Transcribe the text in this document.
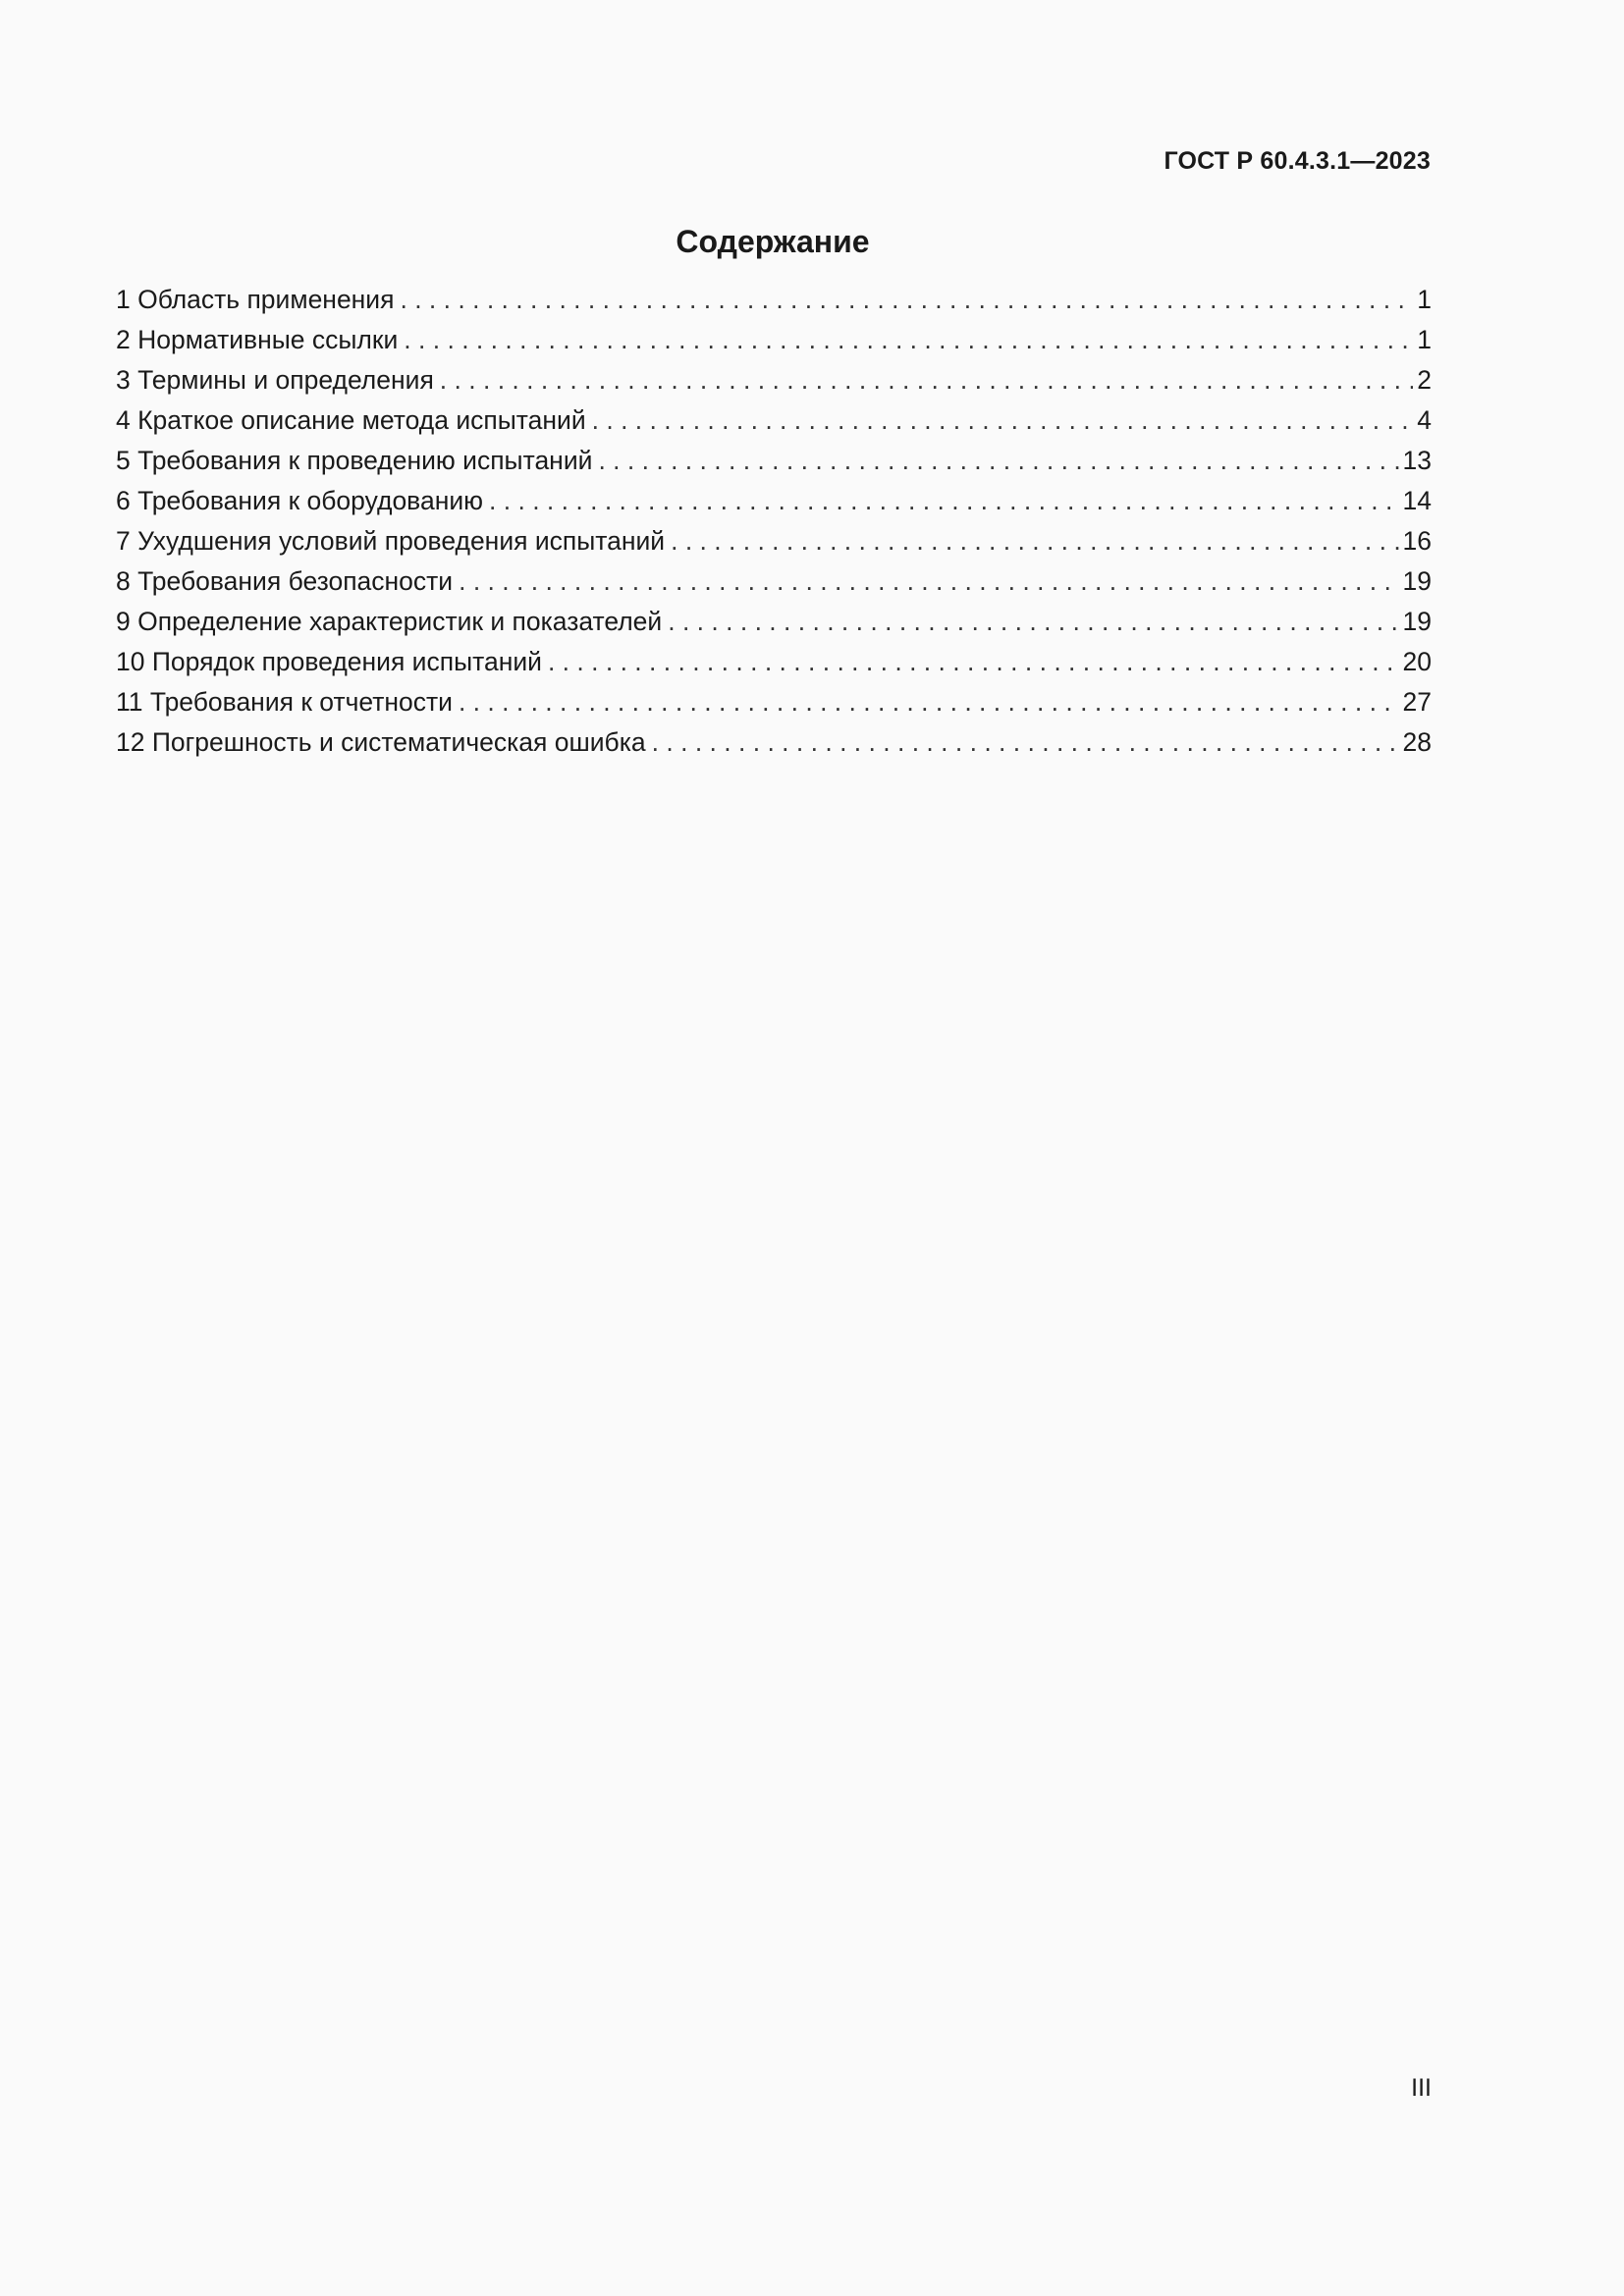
ГОСТ Р 60.4.3.1—2023
Содержание
1 Область применения . . .	1
2 Нормативные ссылки . . .	1
3 Термины и определения . . .	2
4 Краткое описание метода испытаний . . .	4
5 Требования к проведению испытаний . . .	13
6 Требования к оборудованию . . .	14
7 Ухудшения условий проведения испытаний . . .	16
8 Требования безопасности . . .	19
9 Определение характеристик и показателей . . .	19
10 Порядок проведения испытаний . . .	20
11 Требования к отчетности . . .	27
12 Погрешность и систематическая ошибка . . .	28
III
